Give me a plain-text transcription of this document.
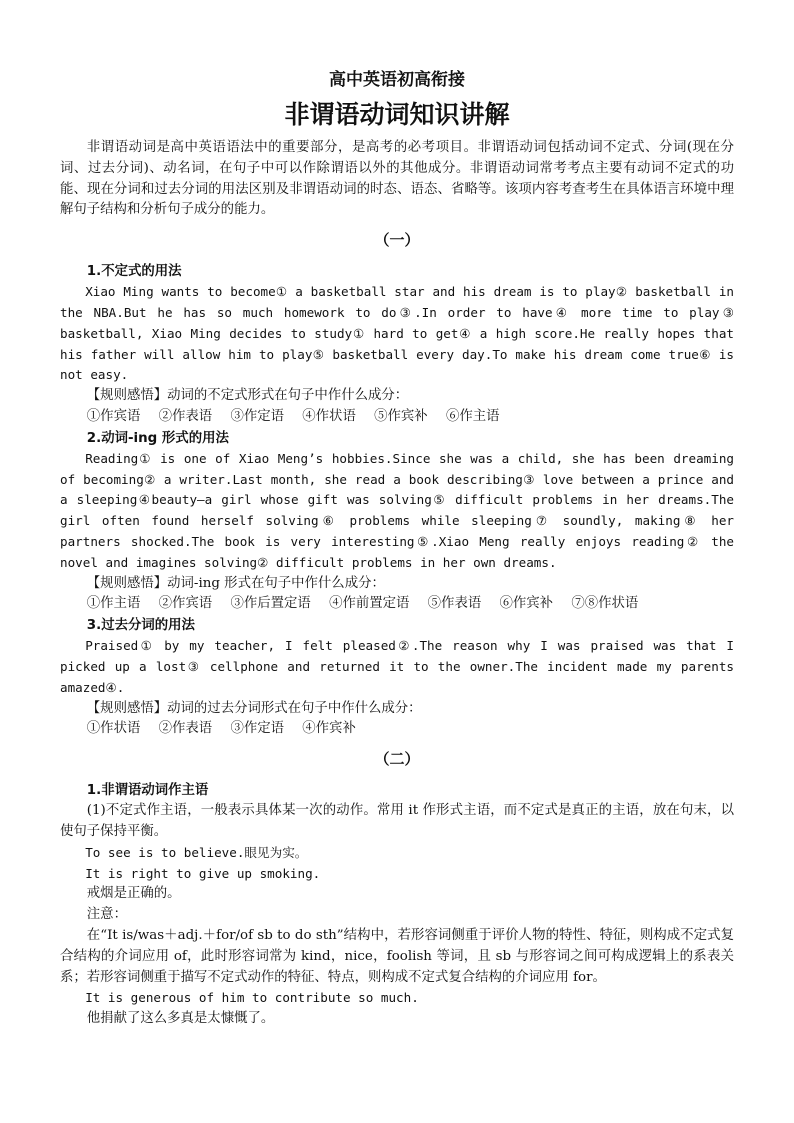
高中英语初高衔接
非谓语动词知识讲解

非谓语动词是高中英语语法中的重要部分，是高考的必考项目。非谓语动词包括动词不定式、分词(现在分词、过去分词)、动名词，在句子中可以作除谓语以外的其他成分。非谓语动词常考考点主要有动词不定式的功能、现在分词和过去分词的用法区别及非谓语动词的时态、语态、省略等。该项内容考查考生在具体语言环境中理解句子结构和分析句子成分的能力。

（一）
1.不定式的用法

Xiao Ming wants to become① a basketball star and his dream is to play② basketball in the NBA.But he has so much homework to do③.In order to have④ more time to play③ basketball, Xiao Ming decides to study① hard to get④ a high score.He really hopes that his father will allow him to play⑤ basketball every day.To make his dream come true⑥ is not easy.

【规则感悟】动词的不定式形式在句子中作什么成分：

①作宾语 ②作表语 ③作定语 ④作状语 ⑤作宾补 ⑥作主语

2.动词-ing 形式的用法

Reading① is one of Xiao Meng’s hobbies.Since she was a child, she has been dreaming of becoming② a writer.Last month, she read a book describing③ love between a prince and a sleeping④beauty—a girl whose gift was solving⑤ difficult problems in her dreams.The girl often found herself solving⑥ problems while sleeping⑦ soundly, making⑧ her partners shocked.The book is very interesting⑤.Xiao Meng really enjoys reading② the novel and imagines solving② difficult problems in her own dreams.

【规则感悟】动词-ing 形式在句子中作什么成分：

①作主语 ②作宾语 ③作后置定语 ④作前置定语 ⑤作表语 ⑥作宾补 ⑦⑧作状语

3.过去分词的用法

Praised① by my teacher, I felt pleased②.The reason why I was praised was that I picked up a lost③ cellphone and returned it to the owner.The incident made my parents amazed④.

【规则感悟】动词的过去分词形式在句子中作什么成分：

①作状语 ②作表语 ③作定语 ④作宾补

（二）
1.非谓语动词作主语

(1)不定式作主语，一般表示具体某一次的动作。常用 it 作形式主语，而不定式是真正的主语，放在句末，以使句子保持平衡。

To see is to believe.眼见为实。

It is right to give up smoking.

戒烟是正确的。

注意：

在“It is/was＋adj.＋for/of sb to do sth”结构中，若形容词侧重于评价人物的特性、特征，则构成不定式复合结构的介词应用 of，此时形容词常为 kind，nice，foolish 等词，且 sb 与形容词之间可构成逻辑上的系表关系；若形容词侧重于描写不定式动作的特征、特点，则构成不定式复合结构的介词应用 for。

It is generous of him to contribute so much.

他捐献了这么多真是太慷慨了。
